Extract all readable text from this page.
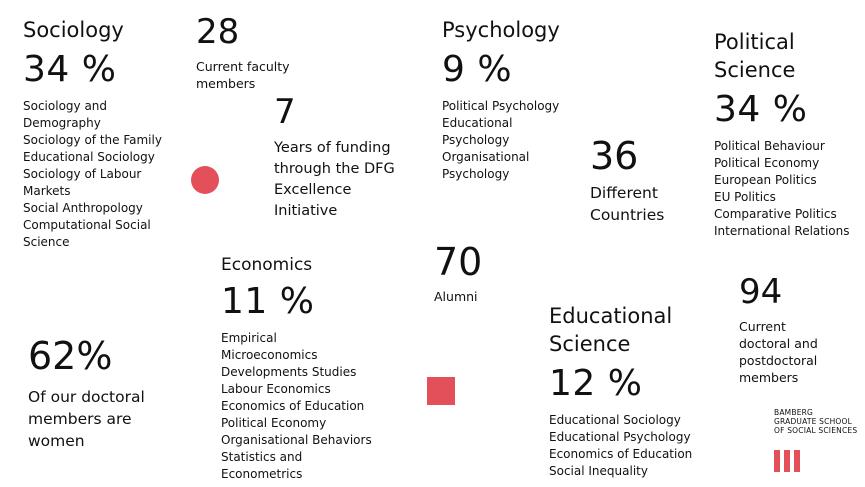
Sociology
34 %
Sociology and
Demography
Sociology of the Family
Educational Sociology
Sociology of Labour
Markets
Social Anthropology
Computational Social
Science
28

Current faculty

members

7

Years of funding

through the DFG

Excellence

Initiative

Psychology
9 %
Political Psychology
Educational
Psychology
Organisational
Psychology	36

Different

Countries

Political
Science
34 %
Political Behaviour
Political Economy
European Politics
EU Politics
Comparative Politics
International Relations
Economics
11 %
Empirical
Microeconomics
Developments Studies
Labour Economics
Economics of Education
Political Economy
Organisational Behaviors
Statistics and
Econometrics
70

Alumni

Educational
Science
12 %
Educational Sociology
Educational Psychology
Economics of Education
Social Inequality
94

Current

doctoral and

postdoctoral

members

62%

Of our doctoral

members are

women

BAMBERG

GRADUATE SCHOOL

OF SOCIAL SCIENCES
